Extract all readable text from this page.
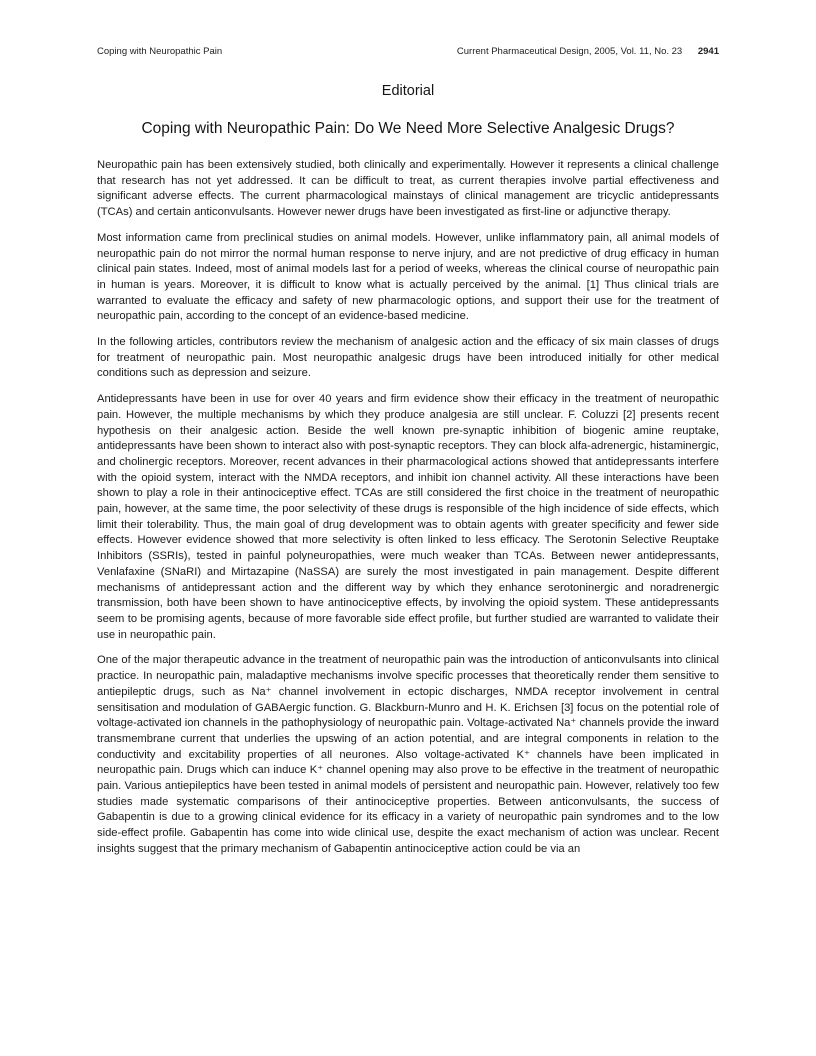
Coping with Neuropathic Pain	Current Pharmaceutical Design, 2005, Vol. 11, No. 23 2941
Editorial
Coping with Neuropathic Pain: Do We Need More Selective Analgesic Drugs?

Neuropathic pain has been extensively studied, both clinically and experimentally. However it represents a clinical challenge that research has not yet addressed. It can be difficult to treat, as current therapies involve partial effectiveness and significant adverse effects. The current pharmacological mainstays of clinical management are tricyclic antidepressants (TCAs) and certain anticonvulsants. However newer drugs have been investigated as first-line or adjunctive therapy.

Most information came from preclinical studies on animal models. However, unlike inflammatory pain, all animal models of neuropathic pain do not mirror the normal human response to nerve injury, and are not predictive of drug efficacy in human clinical pain states. Indeed, most of animal models last for a period of weeks, whereas the clinical course of neuropathic pain in human is years. Moreover, it is difficult to know what is actually perceived by the animal. [1] Thus clinical trials are warranted to evaluate the efficacy and safety of new pharmacologic options, and support their use for the treatment of neuropathic pain, according to the concept of an evidence-based medicine.

In the following articles, contributors review the mechanism of analgesic action and the efficacy of six main classes of drugs for treatment of neuropathic pain. Most neuropathic analgesic drugs have been introduced initially for other medical conditions such as depression and seizure.

Antidepressants have been in use for over 40 years and firm evidence show their efficacy in the treatment of neuropathic pain. However, the multiple mechanisms by which they produce analgesia are still unclear. F. Coluzzi [2] presents recent hypothesis on their analgesic action. Beside the well known pre-synaptic inhibition of biogenic amine reuptake, antidepressants have been shown to interact also with post-synaptic receptors. They can block alfa-adrenergic, histaminergic, and cholinergic receptors. Moreover, recent advances in their pharmacological actions showed that antidepressants interfere with the opioid system, interact with the NMDA receptors, and inhibit ion channel activity. All these interactions have been shown to play a role in their antinociceptive effect. TCAs are still considered the first choice in the treatment of neuropathic pain, however, at the same time, the poor selectivity of these drugs is responsible of the high incidence of side effects, which limit their tolerability. Thus, the main goal of drug development was to obtain agents with greater specificity and fewer side effects. However evidence showed that more selectivity is often linked to less efficacy. The Serotonin Selective Reuptake Inhibitors (SSRIs), tested in painful polyneuropathies, were much weaker than TCAs. Between newer antidepressants, Venlafaxine (SNaRI) and Mirtazapine (NaSSA) are surely the most investigated in pain management. Despite different mechanisms of antidepressant action and the different way by which they enhance serotoninergic and noradrenergic transmission, both have been shown to have antinociceptive effects, by involving the opioid system. These antidepressants seem to be promising agents, because of more favorable side effect profile, but further studied are warranted to validate their use in neuropathic pain.

One of the major therapeutic advance in the treatment of neuropathic pain was the introduction of anticonvulsants into clinical practice. In neuropathic pain, maladaptive mechanisms involve specific processes that theoretically render them sensitive to antiepileptic drugs, such as Na⁺ channel involvement in ectopic discharges, NMDA receptor involvement in central sensitisation and modulation of GABAergic function. G. Blackburn-Munro and H. K. Erichsen [3] focus on the potential role of voltage-activated ion channels in the pathophysiology of neuropathic pain. Voltage-activated Na⁺ channels provide the inward transmembrane current that underlies the upswing of an action potential, and are integral components in relation to the conductivity and excitability properties of all neurones. Also voltage-activated K⁺ channels have been implicated in neuropathic pain. Drugs which can induce K⁺ channel opening may also prove to be effective in the treatment of neuropathic pain. Various antiepileptics have been tested in animal models of persistent and neuropathic pain. However, relatively too few studies made systematic comparisons of their antinociceptive properties. Between anticonvulsants, the success of Gabapentin is due to a growing clinical evidence for its efficacy in a variety of neuropathic pain syndromes and to the low side-effect profile. Gabapentin has come into wide clinical use, despite the exact mechanism of action was unclear. Recent insights suggest that the primary mechanism of Gabapentin antinociceptive action could be via an
